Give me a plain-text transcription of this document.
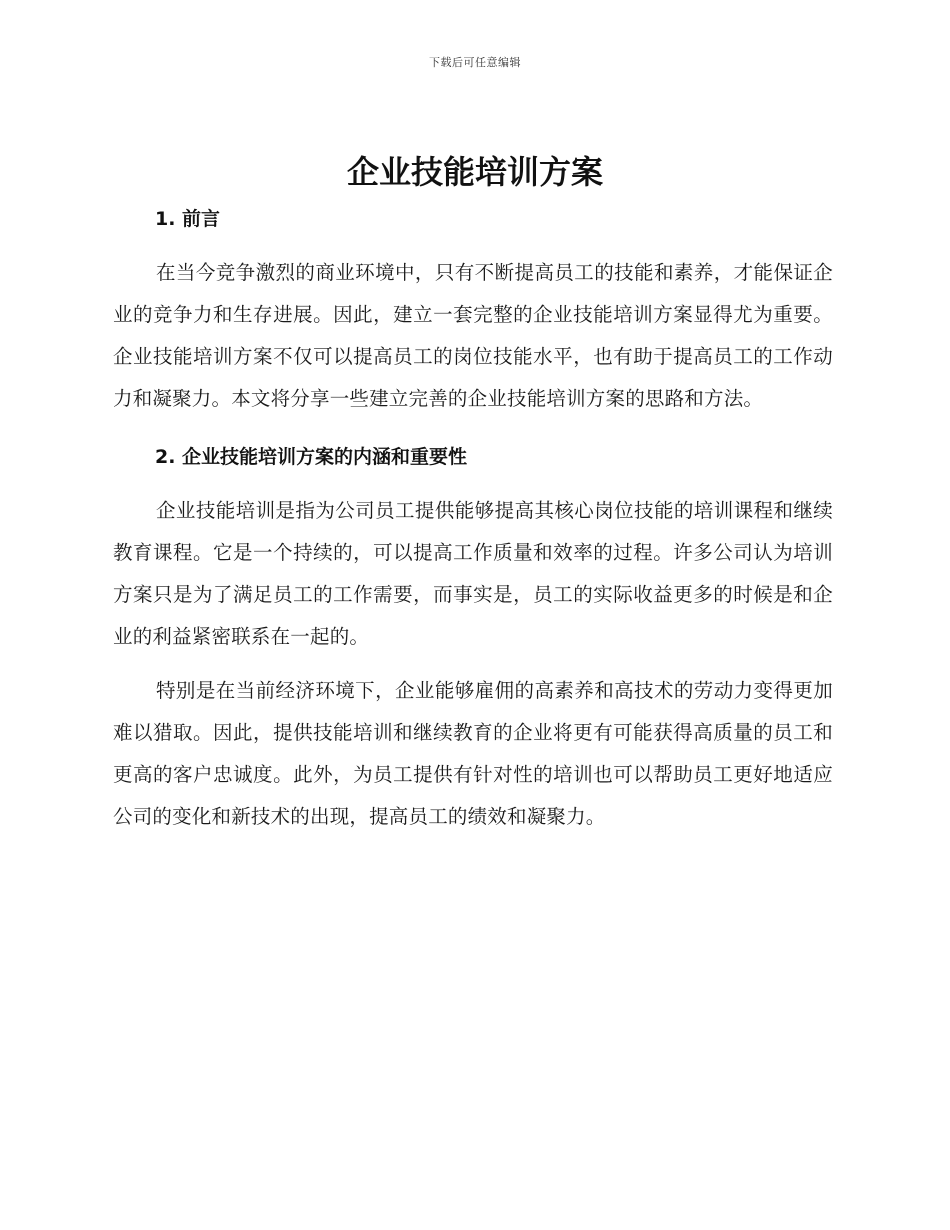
下载后可任意编辑
企业技能培训方案
1. 前言

在当今竞争激烈的商业环境中，只有不断提高员工的技能和素养，才能保证企业的竞争力和生存进展。因此，建立一套完整的企业技能培训方案显得尤为重要。企业技能培训方案不仅可以提高员工的岗位技能水平，也有助于提高员工的工作动力和凝聚力。本文将分享一些建立完善的企业技能培训方案的思路和方法。

2. 企业技能培训方案的内涵和重要性

企业技能培训是指为公司员工提供能够提高其核心岗位技能的培训课程和继续教育课程。它是一个持续的，可以提高工作质量和效率的过程。许多公司认为培训方案只是为了满足员工的工作需要，而事实是，员工的实际收益更多的时候是和企业的利益紧密联系在一起的。

特别是在当前经济环境下，企业能够雇佣的高素养和高技术的劳动力变得更加难以猎取。因此，提供技能培训和继续教育的企业将更有可能获得高质量的员工和更高的客户忠诚度。此外，为员工提供有针对性的培训也可以帮助员工更好地适应公司的变化和新技术的出现，提高员工的绩效和凝聚力。
